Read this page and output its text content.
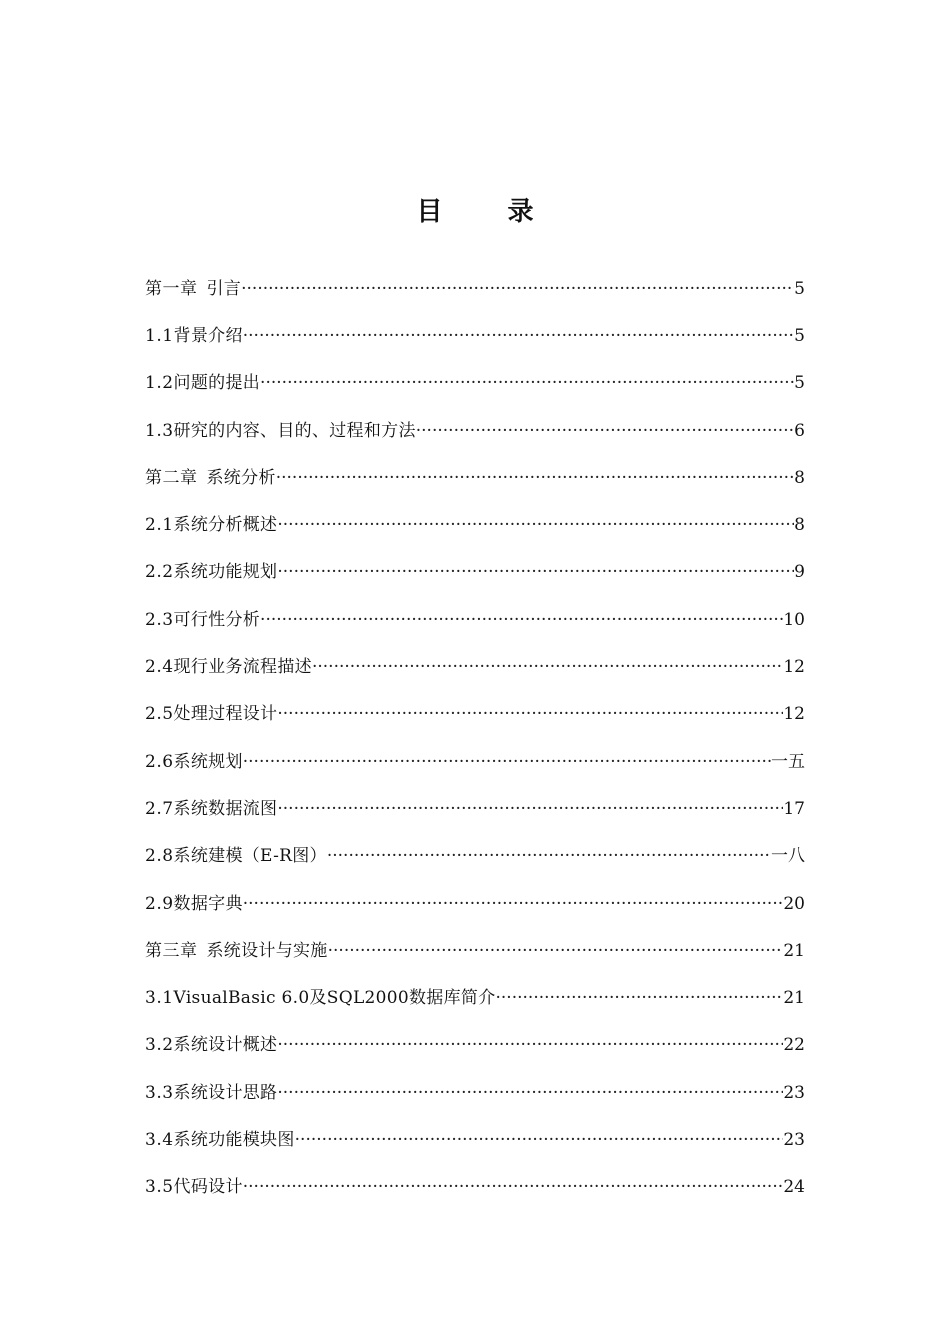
目 录
第一章 引言 ·····	5
1.1 背景介绍 ·····	5
1.2 问题的提出 ·····	5
1.3 研究的内容、目的、过程和方法 ·····	6
第二章 系统分析 ·····	8
2.1 系统分析概述 ·····	8
2.2 系统功能规划 ·····	9
2.3 可行性分析 ·····	10
2.4 现行业务流程描述 ·····	12
2.5 处理过程设计 ·····	12
2.6 系统规划 ·····	一五
2.7 系统数据流图 ·····	17
2.8 系统建模（E-R图） ·····	一八
2.9 数据字典 ·····	20
第三章 系统设计与实施 ·····	21
3.1 VisualBasic 6.0及SQL2000数据库简介 ·····	21
3.2 系统设计概述 ·····	22
3.3 系统设计思路 ·····	23
3.4 系统功能模块图 ·····	23
3.5 代码设计 ·····	24
